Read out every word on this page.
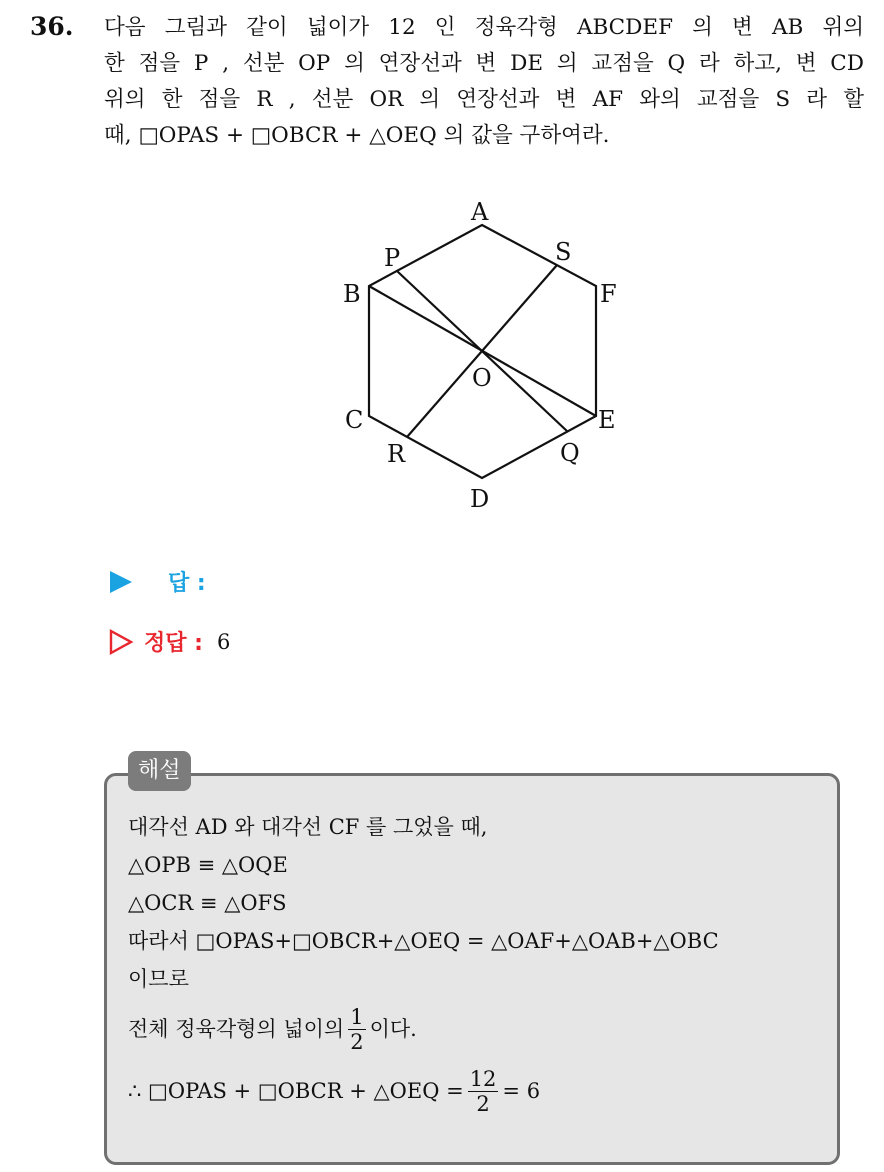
36. 다음 그림과 같이 넓이가 12 인 정육각형 ABCDEF 의 변 AB 위의
한 점을 P , 선분 OP 의 연장선과 변 DE 의 교점을 Q 라 하고, 변 CD
위의 한 점을 R , 선분 OR 의 연장선과 변 AF 와의 교점을 S 라 할
때, □OPAS + □OBCR + △OEQ 의 값을 구하여라.
A
B
C
D
E
F
O
P
Q
R
S
답 :
정답 : 6
해설
대각선 AD 와 대각선 CF 를 그었을 때,
△OPB ≡ △OQE
△OCR ≡ △OFS
따라서 □OPAS+□OBCR+△OEQ = △OAF+△OAB+△OBC
이므로
전체 정육각형의 넓이의 $\frac{1}{2}$ 이다.
∴ □OPAS + □OBCR + △OEQ = $\frac{12}{2} = 6$
